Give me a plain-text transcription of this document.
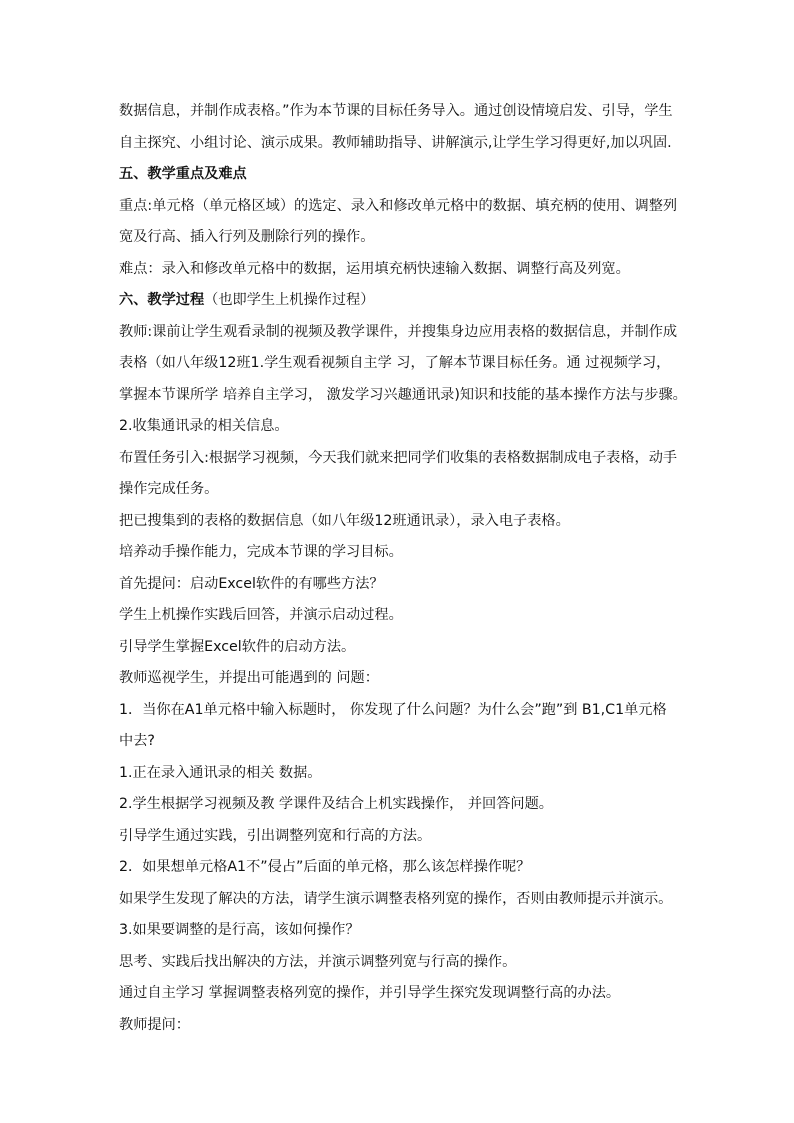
数据信息，并制作成表格。”作为本节课的目标任务导入。通过创设情境启发、引导，学生
自主探究、小组讨论、演示成果。教师辅助指导、讲解演示,让学生学习得更好,加以巩固.
五、教学重点及难点
重点:单元格（单元格区域）的选定、录入和修改单元格中的数据、填充柄的使用、调整列
宽及行高、插入行列及删除行列的操作。
难点：录入和修改单元格中的数据，运用填充柄快速输入数据、调整行高及列宽。
六、教学过程（也即学生上机操作过程）
教师:课前让学生观看录制的视频及教学课件，并搜集身边应用表格的数据信息，并制作成
表格（如八年级12班1.学生观看视频自主学 习，了解本节课目标任务。通 过视频学习，
掌握本节课所学 培养自主学习， 激发学习兴趣通讯录)知识和技能的基本操作方法与步骤。
2.收集通讯录的相关信息。
布置任务引入:根据学习视频，今天我们就来把同学们收集的表格数据制成电子表格，动手
操作完成任务。
把已搜集到的表格的数据信息（如八年级12班通讯录），录入电子表格。
培养动手操作能力，完成本节课的学习目标。
首先提问：启动Excel软件的有哪些方法？
学生上机操作实践后回答，并演示启动过程。
引导学生掌握Excel软件的启动方法。
教师巡视学生，并提出可能遇到的 问题：
1．当你在A1单元格中输入标题时， 你发现了什么问题？为什么会”跑”到 B1,C1单元格
中去?
1.正在录入通讯录的相关 数据。
2.学生根据学习视频及教 学课件及结合上机实践操作， 并回答问题。
引导学生通过实践，引出调整列宽和行高的方法。
2．如果想单元格A1不”侵占”后面的单元格，那么该怎样操作呢？
如果学生发现了解决的方法，请学生演示调整表格列宽的操作，否则由教师提示并演示。
3.如果要调整的是行高，该如何操作？
思考、实践后找出解决的方法，并演示调整列宽与行高的操作。
通过自主学习 掌握调整表格列宽的操作，并引导学生探究发现调整行高的办法。
教师提问：
